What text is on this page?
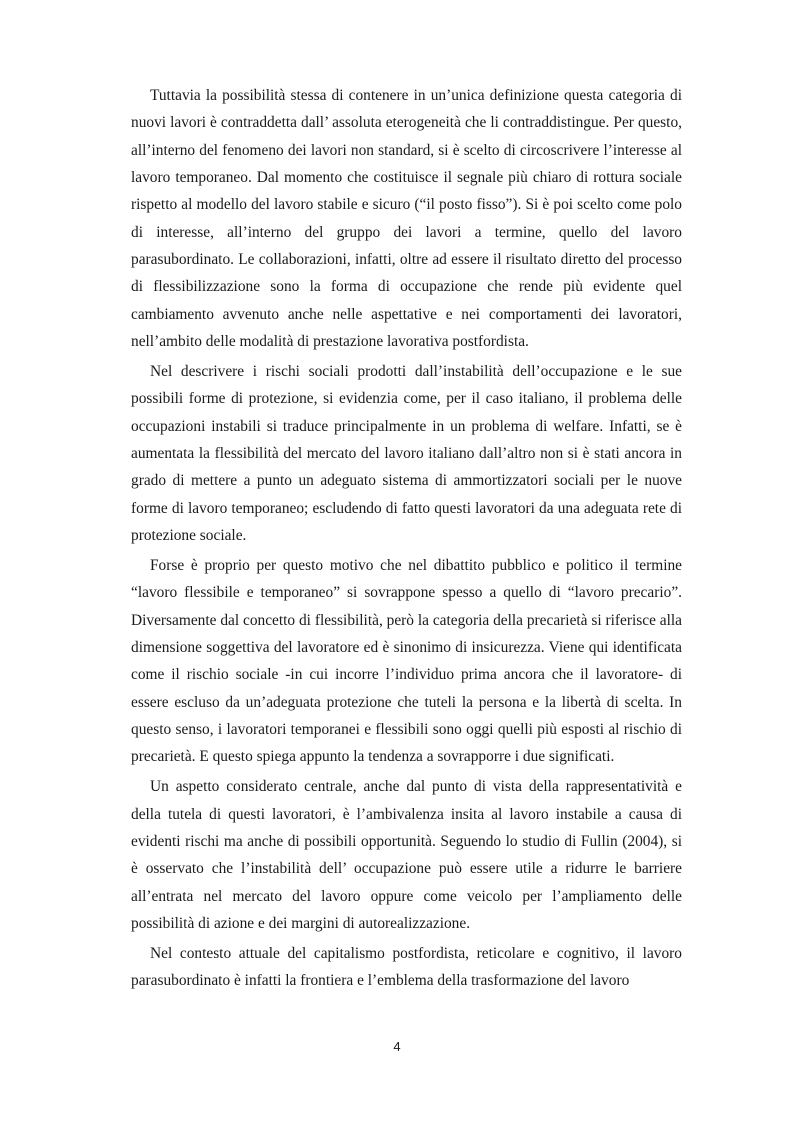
Tuttavia la possibilità stessa di contenere in un’unica definizione questa categoria di nuovi lavori è contraddetta dall’ assoluta eterogeneità che li contraddistingue. Per questo, all’interno del fenomeno dei lavori non standard, si è scelto di circoscrivere l’interesse al lavoro temporaneo. Dal momento che costituisce il segnale più chiaro di rottura sociale rispetto al modello del lavoro stabile e sicuro (“il posto fisso”). Si è poi scelto come polo di interesse, all’interno del gruppo dei lavori a termine, quello del lavoro parasubordinato. Le collaborazioni, infatti, oltre ad essere il risultato diretto del processo di flessibilizzazione sono la forma di occupazione che rende più evidente quel cambiamento avvenuto anche nelle aspettative e nei comportamenti dei lavoratori, nell’ambito delle modalità di prestazione lavorativa postfordista.

Nel descrivere i rischi sociali prodotti dall’instabilità dell’occupazione e le sue possibili forme di protezione, si evidenzia come, per il caso italiano, il problema delle occupazioni instabili si traduce principalmente in un problema di welfare. Infatti, se è aumentata la flessibilità del mercato del lavoro italiano dall’altro non si è stati ancora in grado di mettere a punto un adeguato sistema di ammortizzatori sociali per le nuove forme di lavoro temporaneo; escludendo di fatto questi lavoratori da una adeguata rete di protezione sociale.

Forse è proprio per questo motivo che nel dibattito pubblico e politico il termine “lavoro flessibile e temporaneo” si sovrappone spesso a quello di “lavoro precario”. Diversamente dal concetto di flessibilità, però la categoria della precarietà si riferisce alla dimensione soggettiva del lavoratore ed è sinonimo di insicurezza. Viene qui identificata come il rischio sociale -in cui incorre l’individuo prima ancora che il lavoratore- di essere escluso da un’adeguata protezione che tuteli la persona e la libertà di scelta. In questo senso, i lavoratori temporanei e flessibili sono oggi quelli più esposti al rischio di precarietà. E questo spiega appunto la tendenza a sovrapporre i due significati.

Un aspetto considerato centrale, anche dal punto di vista della rappresentatività e della tutela di questi lavoratori, è l’ambivalenza insita al lavoro instabile a causa di evidenti rischi ma anche di possibili opportunità. Seguendo lo studio di Fullin (2004), si è osservato che l’instabilità dell’ occupazione può essere utile a ridurre le barriere all’entrata nel mercato del lavoro oppure come veicolo per l’ampliamento delle possibilità di azione e dei margini di autorealizzazione.

Nel contesto attuale del capitalismo postfordista, reticolare e cognitivo, il lavoro parasubordinato è infatti la frontiera e l’emblema della trasformazione del lavoro

4
